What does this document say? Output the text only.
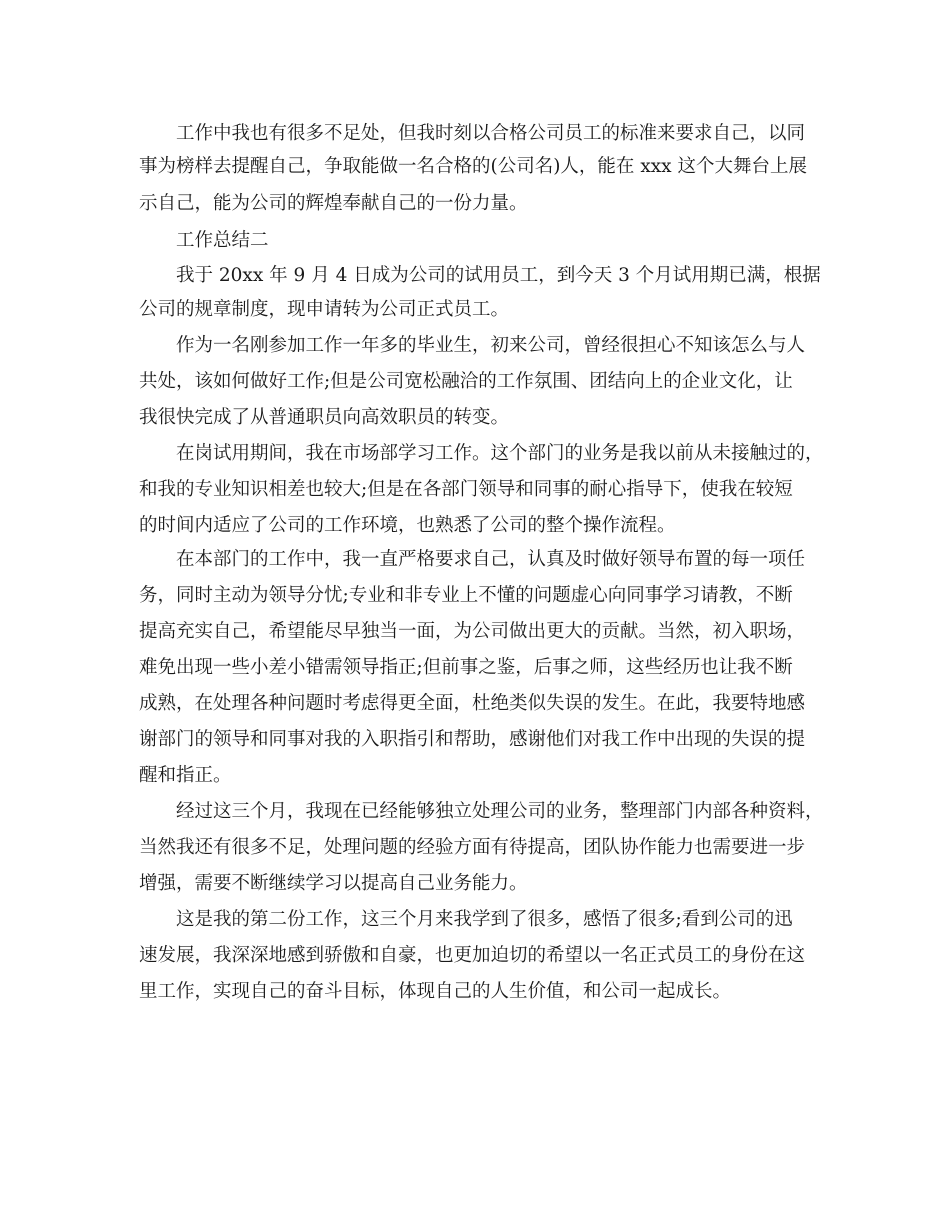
工作中我也有很多不足处，但我时刻以合格公司员工的标准来要求自己，以同
事为榜样去提醒自己，争取能做一名合格的(公司名)人，能在 xxx 这个大舞台上展
示自己，能为公司的辉煌奉献自己的一份力量。
工作总结二
我于 20xx 年 9 月 4 日成为公司的试用员工，到今天 3 个月试用期已满，根据
公司的规章制度，现申请转为公司正式员工。
作为一名刚参加工作一年多的毕业生，初来公司，曾经很担心不知该怎么与人
共处，该如何做好工作;但是公司宽松融洽的工作氛围、团结向上的企业文化，让
我很快完成了从普通职员向高效职员的转变。
在岗试用期间，我在市场部学习工作。这个部门的业务是我以前从未接触过的，
和我的专业知识相差也较大;但是在各部门领导和同事的耐心指导下，使我在较短
的时间内适应了公司的工作环境，也熟悉了公司的整个操作流程。
在本部门的工作中，我一直严格要求自己，认真及时做好领导布置的每一项任
务，同时主动为领导分忧;专业和非专业上不懂的问题虚心向同事学习请教，不断
提高充实自己，希望能尽早独当一面，为公司做出更大的贡献。当然，初入职场，
难免出现一些小差小错需领导指正;但前事之鉴，后事之师，这些经历也让我不断
成熟，在处理各种问题时考虑得更全面，杜绝类似失误的发生。在此，我要特地感
谢部门的领导和同事对我的入职指引和帮助，感谢他们对我工作中出现的失误的提
醒和指正。
经过这三个月，我现在已经能够独立处理公司的业务，整理部门内部各种资料，
当然我还有很多不足，处理问题的经验方面有待提高，团队协作能力也需要进一步
增强，需要不断继续学习以提高自己业务能力。
这是我的第二份工作，这三个月来我学到了很多，感悟了很多;看到公司的迅
速发展，我深深地感到骄傲和自豪，也更加迫切的希望以一名正式员工的身份在这
里工作，实现自己的奋斗目标，体现自己的人生价值，和公司一起成长。
